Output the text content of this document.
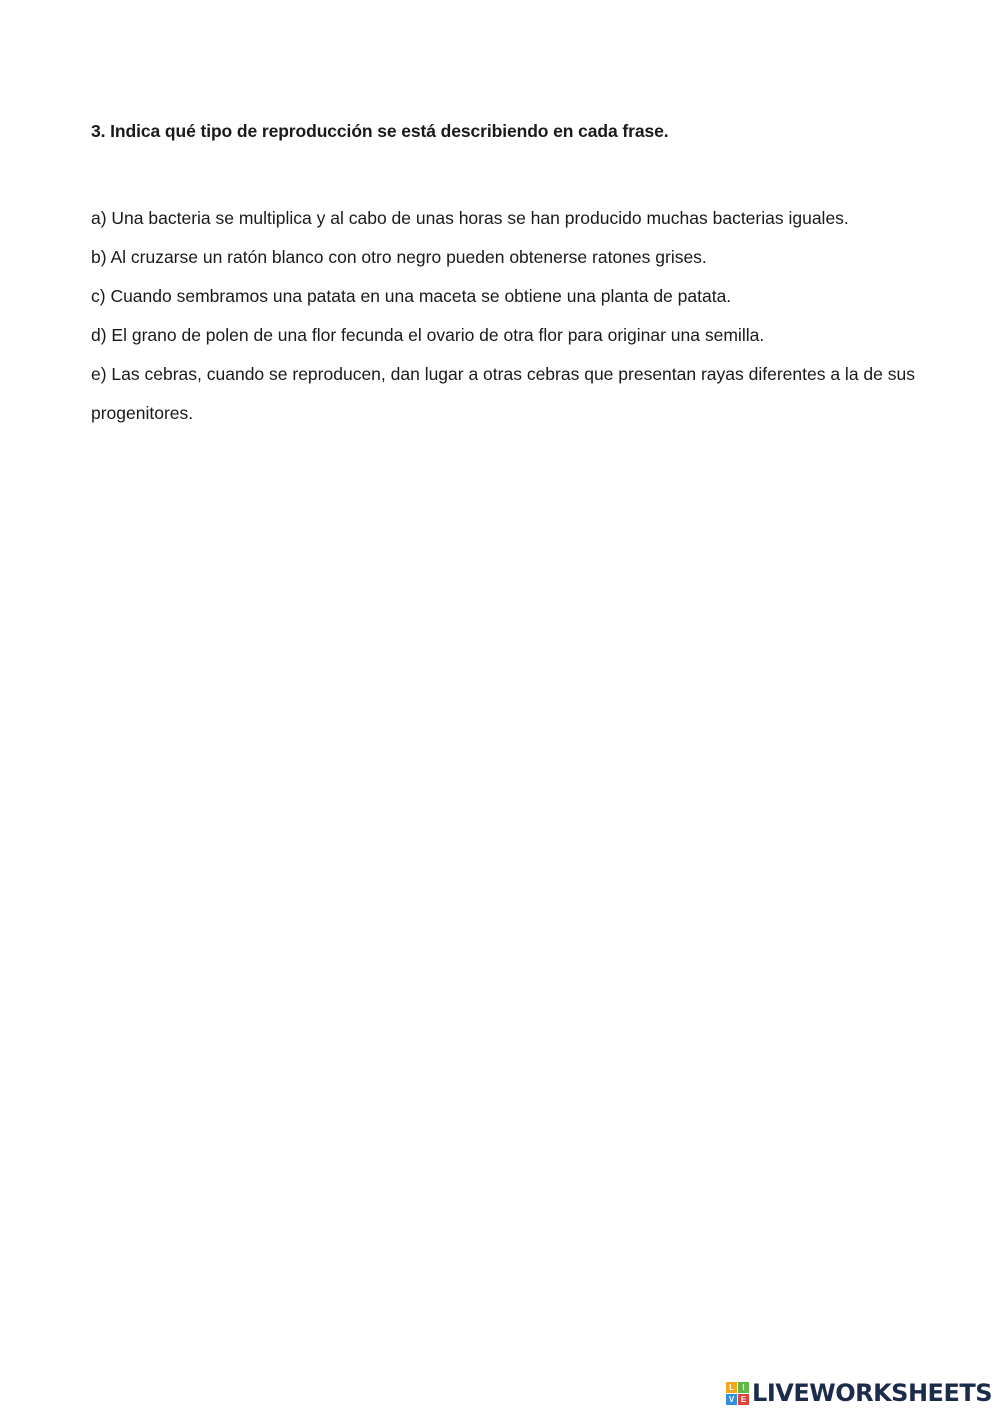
3. Indica qué tipo de reproducción se está describiendo en cada frase.

a) Una bacteria se multiplica y al cabo de unas horas se han producido muchas bacterias iguales.

b) Al cruzarse un ratón blanco con otro negro pueden obtenerse ratones grises.

c) Cuando sembramos una patata en una maceta se obtiene una planta de patata.

d) El grano de polen de una flor fecunda el ovario de otra flor para originar una semilla.

e) Las cebras, cuando se reproducen, dan lugar a otras cebras que presentan rayas diferentes a la de sus progenitores.

L	I
V E LIVEWORKSHEETS
